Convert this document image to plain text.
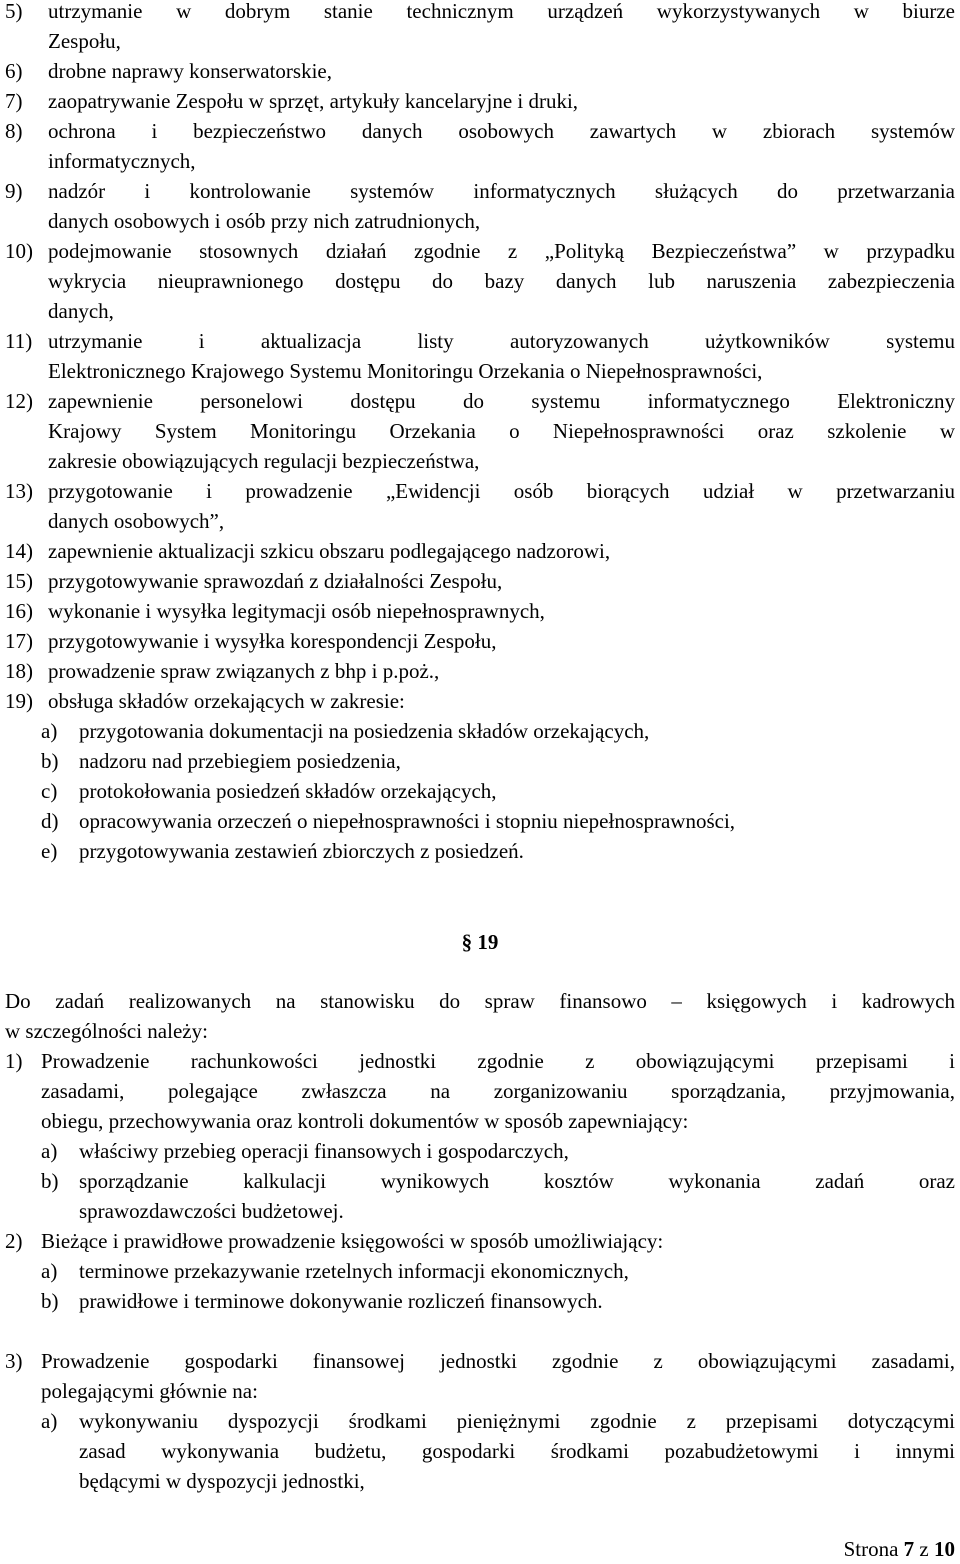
5) utrzymanie w dobrym stanie technicznym urządzeń wykorzystywanych w biurze
Zespołu,
6) drobne naprawy konserwatorskie,
7) zaopatrywanie Zespołu w sprzęt, artykuły kancelaryjne i druki,
8) ochrona i bezpieczeństwo danych osobowych zawartych w zbiorach systemów
informatycznych,
9) nadzór i kontrolowanie systemów informatycznych służących do przetwarzania
danych osobowych i osób przy nich zatrudnionych,
10) podejmowanie stosownych działań zgodnie z „Polityką Bezpieczeństwa” w przypadku
wykrycia nieuprawnionego dostępu do bazy danych lub naruszenia zabezpieczenia
danych,
11) utrzymanie i aktualizacja listy autoryzowanych użytkowników systemu
Elektronicznego Krajowego Systemu Monitoringu Orzekania o Niepełnosprawności,
12) zapewnienie personelowi dostępu do systemu informatycznego Elektroniczny
Krajowy System Monitoringu Orzekania o Niepełnosprawności oraz szkolenie w
zakresie obowiązujących regulacji bezpieczeństwa,
13) przygotowanie i prowadzenie „Ewidencji osób biorących udział w przetwarzaniu
danych osobowych”,
14) zapewnienie aktualizacji szkicu obszaru podlegającego nadzorowi,
15) przygotowywanie sprawozdań z działalności Zespołu,
16) wykonanie i wysyłka legitymacji osób niepełnosprawnych,
17) przygotowywanie i wysyłka korespondencji Zespołu,
18) prowadzenie spraw związanych z bhp i p.poż.,
19) obsługa składów orzekających w zakresie:
a) przygotowania dokumentacji na posiedzenia składów orzekających,
b) nadzoru nad przebiegiem posiedzenia,
c) protokołowania posiedzeń składów orzekających,
d) opracowywania orzeczeń o niepełnosprawności i stopniu niepełnosprawności,
e) przygotowywania zestawień zbiorczych z posiedzeń.
§ 19
Do zadań realizowanych na stanowisku do spraw finansowo – księgowych i kadrowych
w szczególności należy:
1) Prowadzenie rachunkowości jednostki zgodnie z obowiązującymi przepisami i
zasadami, polegające zwłaszcza na zorganizowaniu sporządzania, przyjmowania,
obiegu, przechowywania oraz kontroli dokumentów w sposób zapewniający:
a) właściwy przebieg operacji finansowych i gospodarczych,
b) sporządzanie kalkulacji wynikowych kosztów wykonania zadań oraz
sprawozdawczości budżetowej.
2) Bieżące i prawidłowe prowadzenie księgowości w sposób umożliwiający:
a) terminowe przekazywanie rzetelnych informacji ekonomicznych,
b) prawidłowe i terminowe dokonywanie rozliczeń finansowych.
3) Prowadzenie gospodarki finansowej jednostki zgodnie z obowiązującymi zasadami,
polegającymi głównie na:
a) wykonywaniu dyspozycji środkami pieniężnymi zgodnie z przepisami dotyczącymi
zasad wykonywania budżetu, gospodarki środkami pozabudżetowymi i innymi
będącymi w dyspozycji jednostki,
Strona 7 z 10
